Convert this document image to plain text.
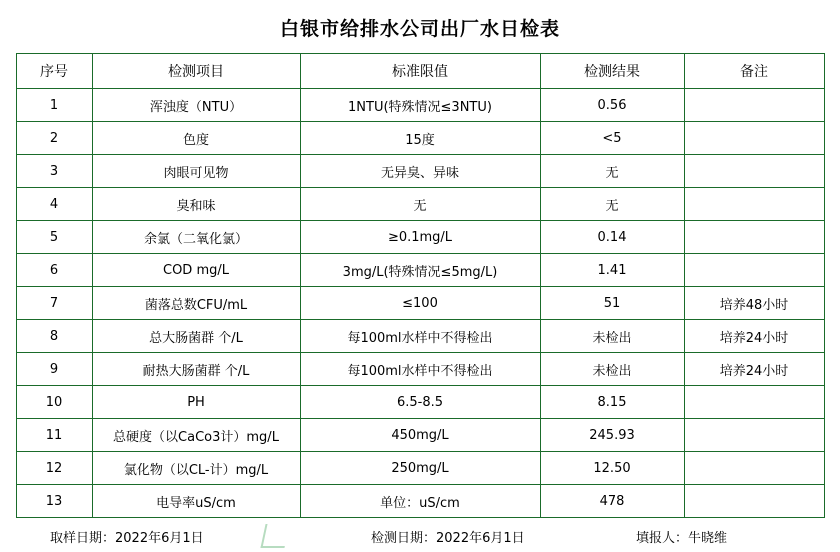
白银市给排水公司出厂水日检表
序号	检测项目	标准限值	检测结果	备注
1	浑浊度（NTU）	1NTU(特殊情况≤3NTU)	0.56	
2	色度	15度	<5	
3	肉眼可见物	无异臭、异味	无	
4	臭和味	无	无	
5	余氯（二氧化氯）	≥0.1mg/L	0.14	
6	COD mg/L	3mg/L(特殊情况≤5mg/L)	1.41	
7	菌落总数CFU/mL	≤100	51	培养48小时
8	总大肠菌群 个/L	每100ml水样中不得检出	未检出	培养24小时
9	耐热大肠菌群 个/L	每100ml水样中不得检出	未检出	培养24小时
10	PH	6.5-8.5	8.15	
11	总硬度（以CaCo3计）mg/L	450mg/L	245.93	
12	氯化物（以CL-计）mg/L	250mg/L	12.50	
13	电导率uS/cm	单位：uS/cm	478	
取样日期：2022年6月1日	检测日期：2022年6月1日	填报人：牛晓维
